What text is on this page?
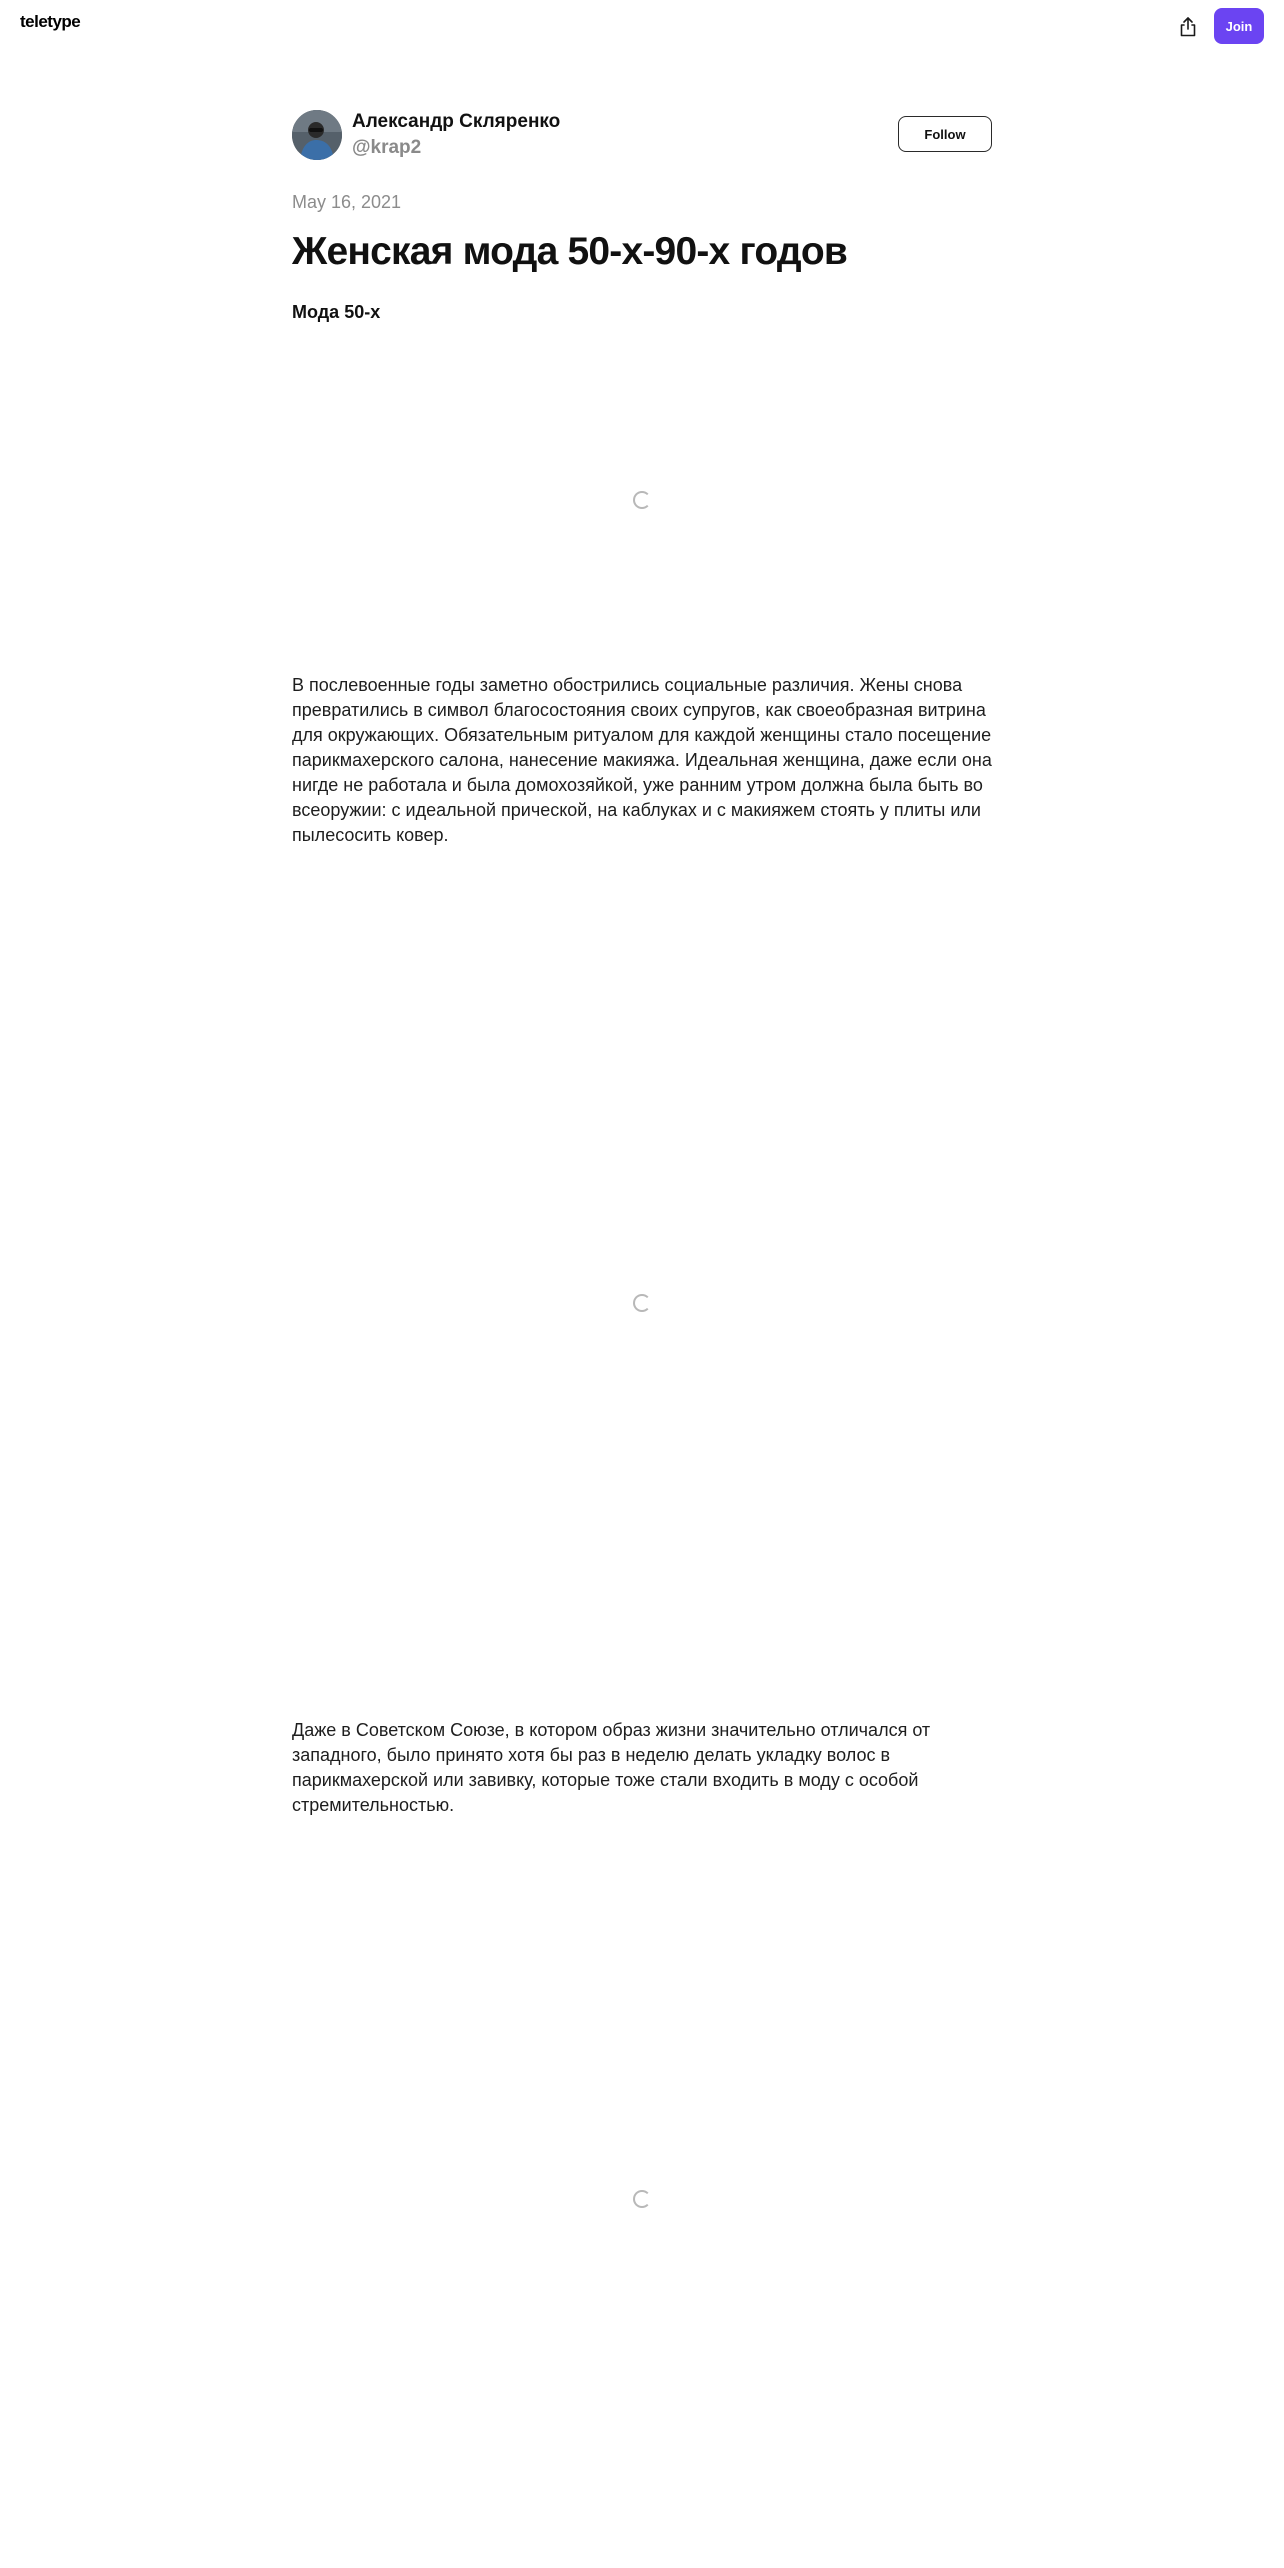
teletype	Join
Александр Скляренко
@krap2
Follow
May 16, 2021
Женская мода 50-х-90-х годов
Мода 50-х

В послевоенные годы заметно обострились социальные различия. Жены снова превратились в символ благосостояния своих супругов, как своеобразная витрина для окружающих. Обязательным ритуалом для каждой женщины стало посещение парикмахерского салона, нанесение макияжа. Идеальная женщина, даже если она нигде не работала и была домохозяйкой, уже ранним утром должна была быть во всеоружии: с идеальной прической, на каблуках и с макияжем стоять у плиты или пылесосить ковер.

Даже в Советском Союзе, в котором образ жизни значительно отличался от западного, было принято хотя бы раз в неделю делать укладку волос в парикмахерской или завивку, которые тоже стали входить в моду с особой стремительностью.
